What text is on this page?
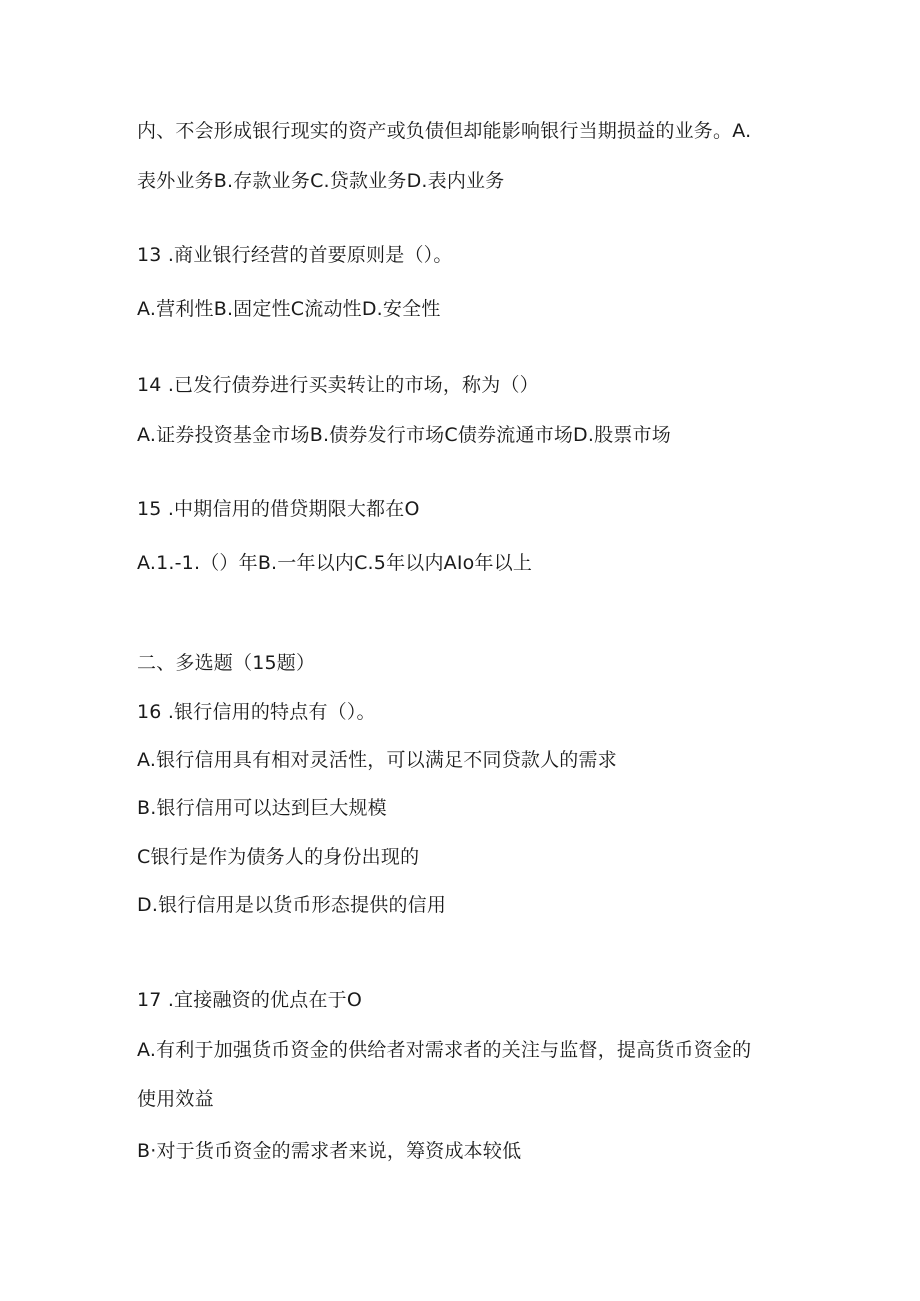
内、不会形成银行现实的资产或负债但却能影响银行当期损益的业务。A.
表外业务B.存款业务C.贷款业务D.表内业务
13 .商业银行经营的首要原则是（）。
A.营利性B.固定性C流动性D.安全性
14 .已发行债券进行买卖转让的市场，称为（）
A.证券投资基金市场B.债券发行市场C债券流通市场D.股票市场
15 .中期信用的借贷期限大都在O
A.1.-1.（）年B.一年以内C.5年以内AIo年以上
二、多选题（15题）
16 .银行信用的特点有（）。
A.银行信用具有相对灵活性，可以满足不同贷款人的需求
B.银行信用可以达到巨大规模
C银行是作为债务人的身份出现的
D.银行信用是以货币形态提供的信用
17 .宜接融资的优点在于O
A.有利于加强货币资金的供给者对需求者的关注与监督，提高货币资金的
使用效益
B·对于货币资金的需求者来说，筹资成本较低
